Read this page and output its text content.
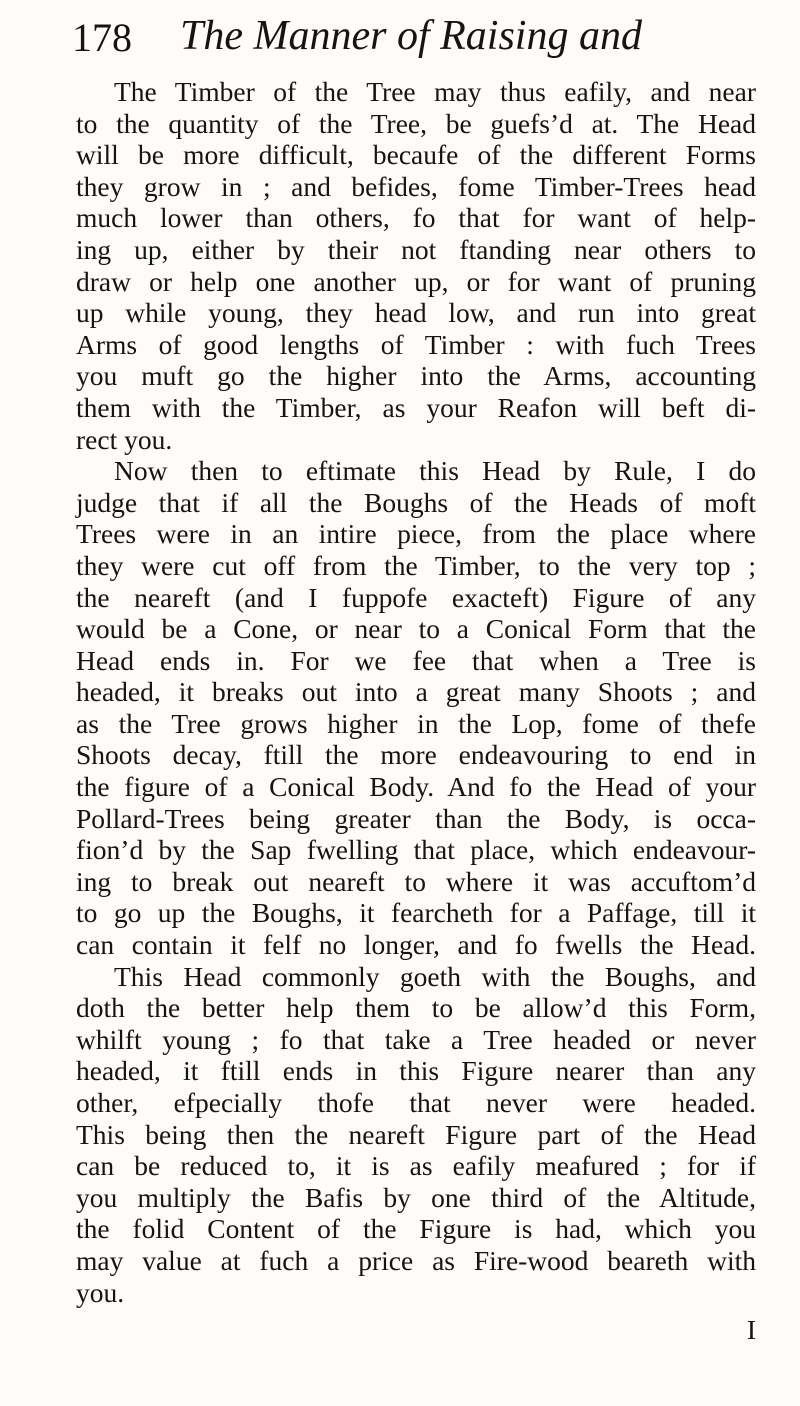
178 The Manner of Raising and
The Timber of the Tree may thus eafily, and near
to the quantity of the Tree, be guefs’d at. The Head
will be more difficult, becaufe of the different Forms
they grow in ; and befides, fome Timber-Trees head
much lower than others, fo that for want of help-
ing up, either by their not ftanding near others to
draw or help one another up, or for want of pruning
up while young, they head low, and run into great
Arms of good lengths of Timber : with fuch Trees
you muft go the higher into the Arms, accounting
them with the Timber, as your Reafon will beft di-
rect you.
Now then to eftimate this Head by Rule, I do
judge that if all the Boughs of the Heads of moft
Trees were in an intire piece, from the place where
they were cut off from the Timber, to the very top ;
the neareft (and I fuppofe exacteft) Figure of any
would be a Cone, or near to a Conical Form that the
Head ends in. For we fee that when a Tree is
headed, it breaks out into a great many Shoots ; and
as the Tree grows higher in the Lop, fome of thefe
Shoots decay, ftill the more endeavouring to end in
the figure of a Conical Body. And fo the Head of your
Pollard-Trees being greater than the Body, is occa-
fion’d by the Sap fwelling that place, which endeavour-
ing to break out neareft to where it was accuftom’d
to go up the Boughs, it fearcheth for a Paffage, till it
can contain it felf no longer, and fo fwells the Head.
This Head commonly goeth with the Boughs, and
doth the better help them to be allow’d this Form,
whilft young ; fo that take a Tree headed or never
headed, it ftill ends in this Figure nearer than any
other, efpecially thofe that never were headed.
This being then the neareft Figure part of the Head
can be reduced to, it is as eafily meafured ; for if
you multiply the Bafis by one third of the Altitude,
the folid Content of the Figure is had, which you
may value at fuch a price as Fire-wood beareth with
you.
I
